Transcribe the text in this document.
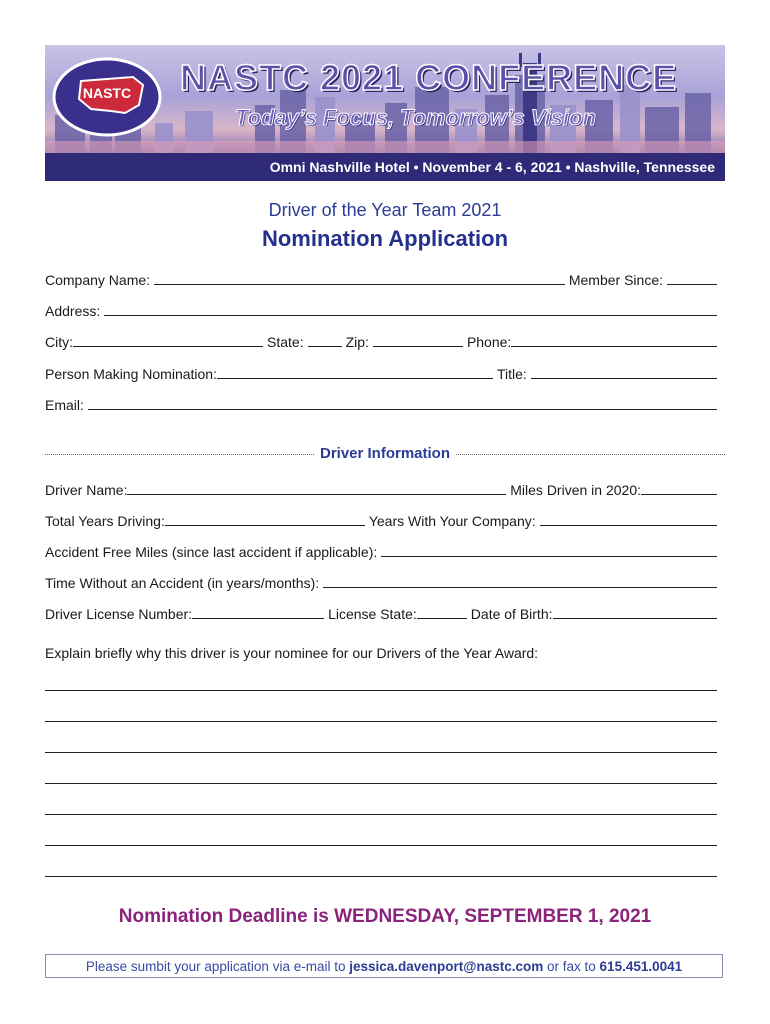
NASTC NASTC 2021 CONFERENCE
Today’s Focus, Tomorrow’s Vision
Omni Nashville Hotel • November 4 - 6, 2021 • Nashville, Tennessee
Driver of the Year Team 2021
Nomination Application
Company Name:	Member Since:
Address:
City:	State:	Zip:	Phone:
Person Making Nomination:	Title:
Email:
Driver Information
Driver Name:	Miles Driven in 2020:
Total Years Driving:	Years With Your Company:
Accident Free Miles (since last accident if applicable):
Time Without an Accident (in years/months):
Driver License Number:	License State:	Date of Birth:
Explain briefly why this driver is your nominee for our Drivers of the Year Award:
Nomination Deadline is WEDNESDAY, SEPTEMBER 1, 2021
Please sumbit your application via e-mail to
jessica.davenport@nastc.com
or fax to
615.451.0041
